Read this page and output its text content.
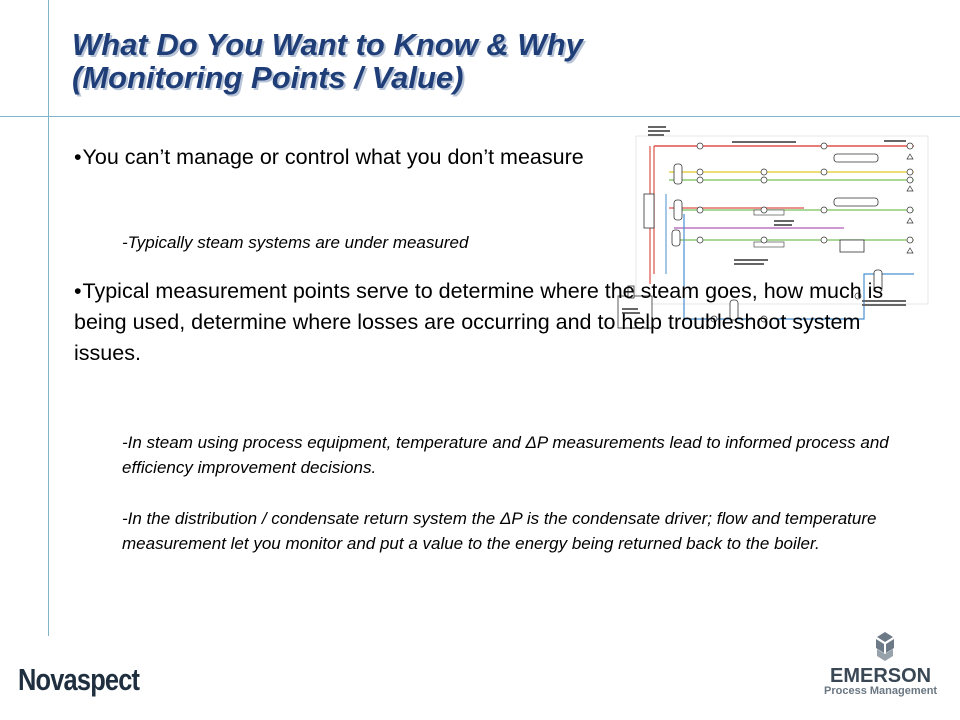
What Do You Want to Know & Why
(Monitoring Points / Value)

•You can’t manage or control what you don’t measure

-Typically steam systems are under measured

•Typical measurement points serve to determine where the steam goes, how much is being used, determine where losses are occurring and to help troubleshoot system issues.

-In steam using process equipment, temperature and ΔP measurements lead to informed process and efficiency improvement decisions.

-In the distribution / condensate return system the ΔP is the condensate driver; flow and temperature measurement let you monitor and put a value to the energy being returned back to the boiler.

Novaspect	EMERSON
Process Management
